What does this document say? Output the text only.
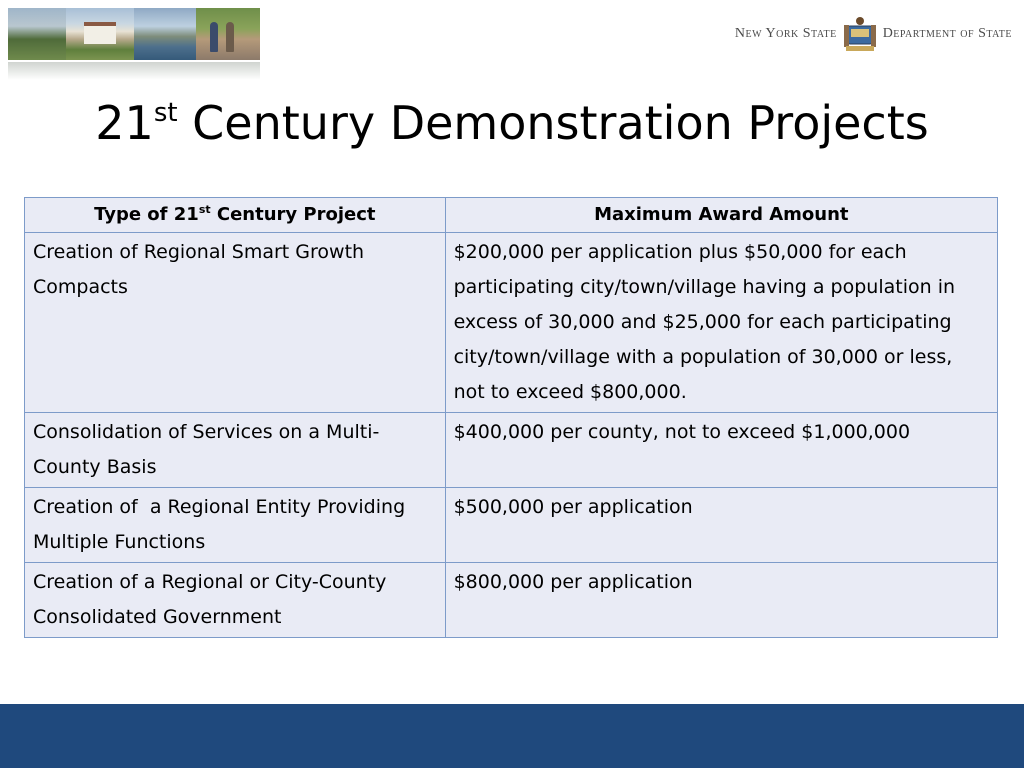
New York State	Department of State
21st Century Demonstration Projects
Type of 21st Century Project	Maximum Award Amount
Creation of Regional Smart Growth Compacts	$200,000 per application plus $50,000 for each participating city/town/village having a population in excess of 30,000 and $25,000 for each participating city/town/village with a population of 30,000 or less, not to exceed $800,000.
Consolidation of Services on a Multi-County Basis	$400,000 per county, not to exceed $1,000,000
Creation of  a Regional Entity Providing Multiple Functions	$500,000 per application
Creation of a Regional or City-County Consolidated Government	$800,000 per application
